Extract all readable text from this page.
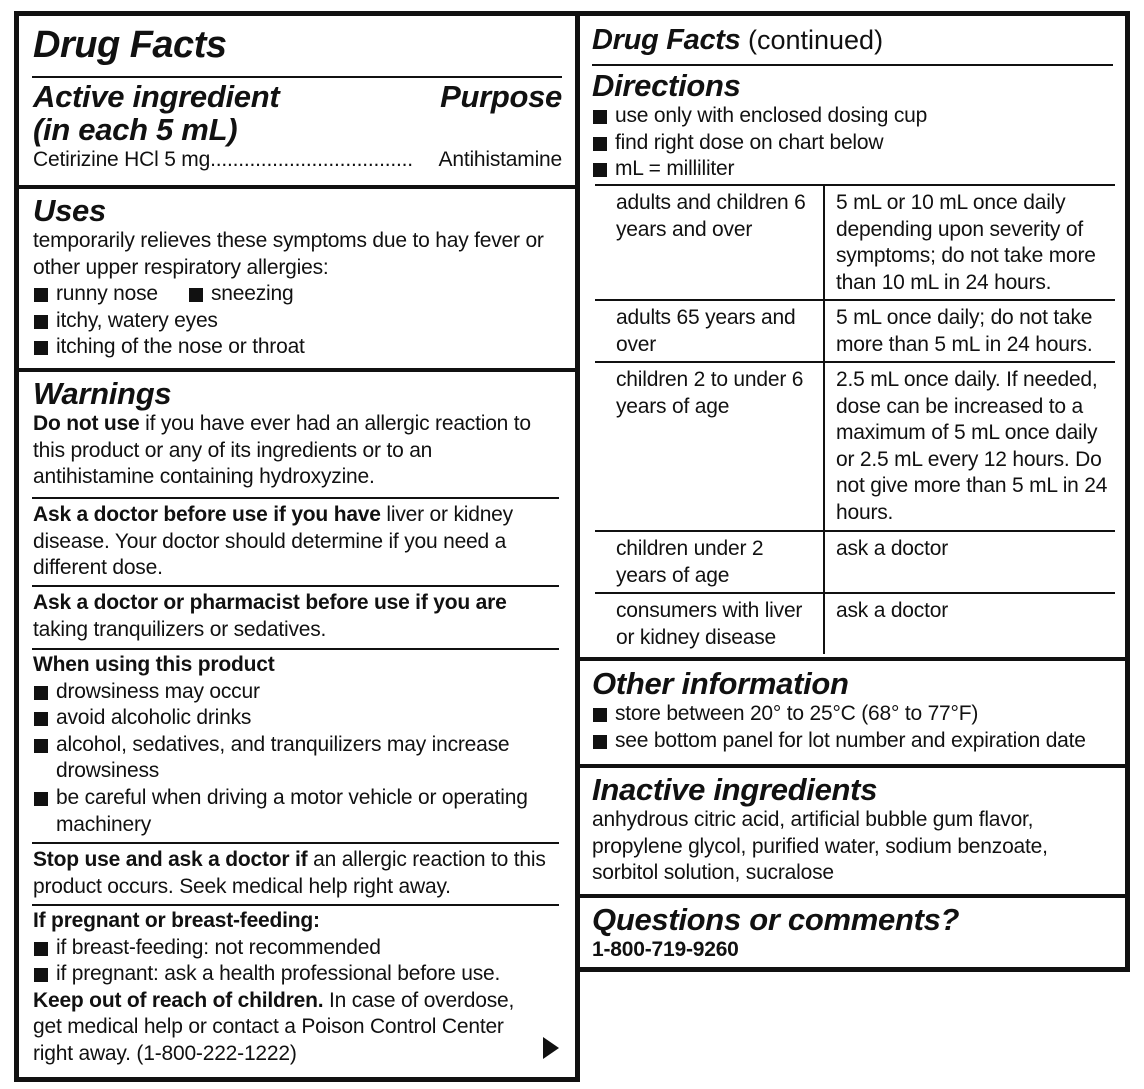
Drug Facts
Active ingredient	Purpose
(in each 5 mL)
Cetirizine HCl 5 mg.................................... Antihistamine
Uses
temporarily relieves these symptoms due to hay fever or other upper respiratory allergies:
runny nose	sneezing
itchy, watery eyes
itching of the nose or throat
Warnings
Do not use if you have ever had an allergic reaction to this product or any of its ingredients or to an antihistamine containing hydroxyzine.
Ask a doctor before use if you have liver or kidney disease. Your doctor should determine if you need a different dose.
Ask a doctor or pharmacist before use if you are
taking tranquilizers or sedatives.
When using this product
drowsiness may occur
avoid alcoholic drinks
alcohol, sedatives, and tranquilizers may increase drowsiness
be careful when driving a motor vehicle or operating machinery
Stop use and ask a doctor if an allergic reaction to this product occurs. Seek medical help right away.
If pregnant or breast-feeding:
if breast-feeding: not recommended
if pregnant: ask a health professional before use.
Keep out of reach of children. In case of overdose, get medical help or contact a Poison Control Center right away. (1-800-222-1222)
Drug Facts (continued)
Directions
use only with enclosed dosing cup
find right dose on chart below
mL = milliliter
adults and children 6 years and over
5 mL or 10 mL once daily depending upon severity of symptoms; do not take more than 10 mL in 24 hours.
adults 65 years and over
5 mL once daily; do not take more than 5 mL in 24 hours.
children 2 to under 6 years of age
2.5 mL once daily. If needed, dose can be increased to a maximum of 5 mL once daily or 2.5 mL every 12 hours. Do not give more than 5 mL in 24 hours.
children under 2 years of age
ask a doctor
consumers with liver or kidney disease
ask a doctor
Other information
store between 20° to 25°C (68° to 77°F)
see bottom panel for lot number and expiration date
Inactive ingredients
anhydrous citric acid, artificial bubble gum flavor, propylene glycol, purified water, sodium benzoate, sorbitol solution, sucralose
Questions or comments?
1-800-719-9260
